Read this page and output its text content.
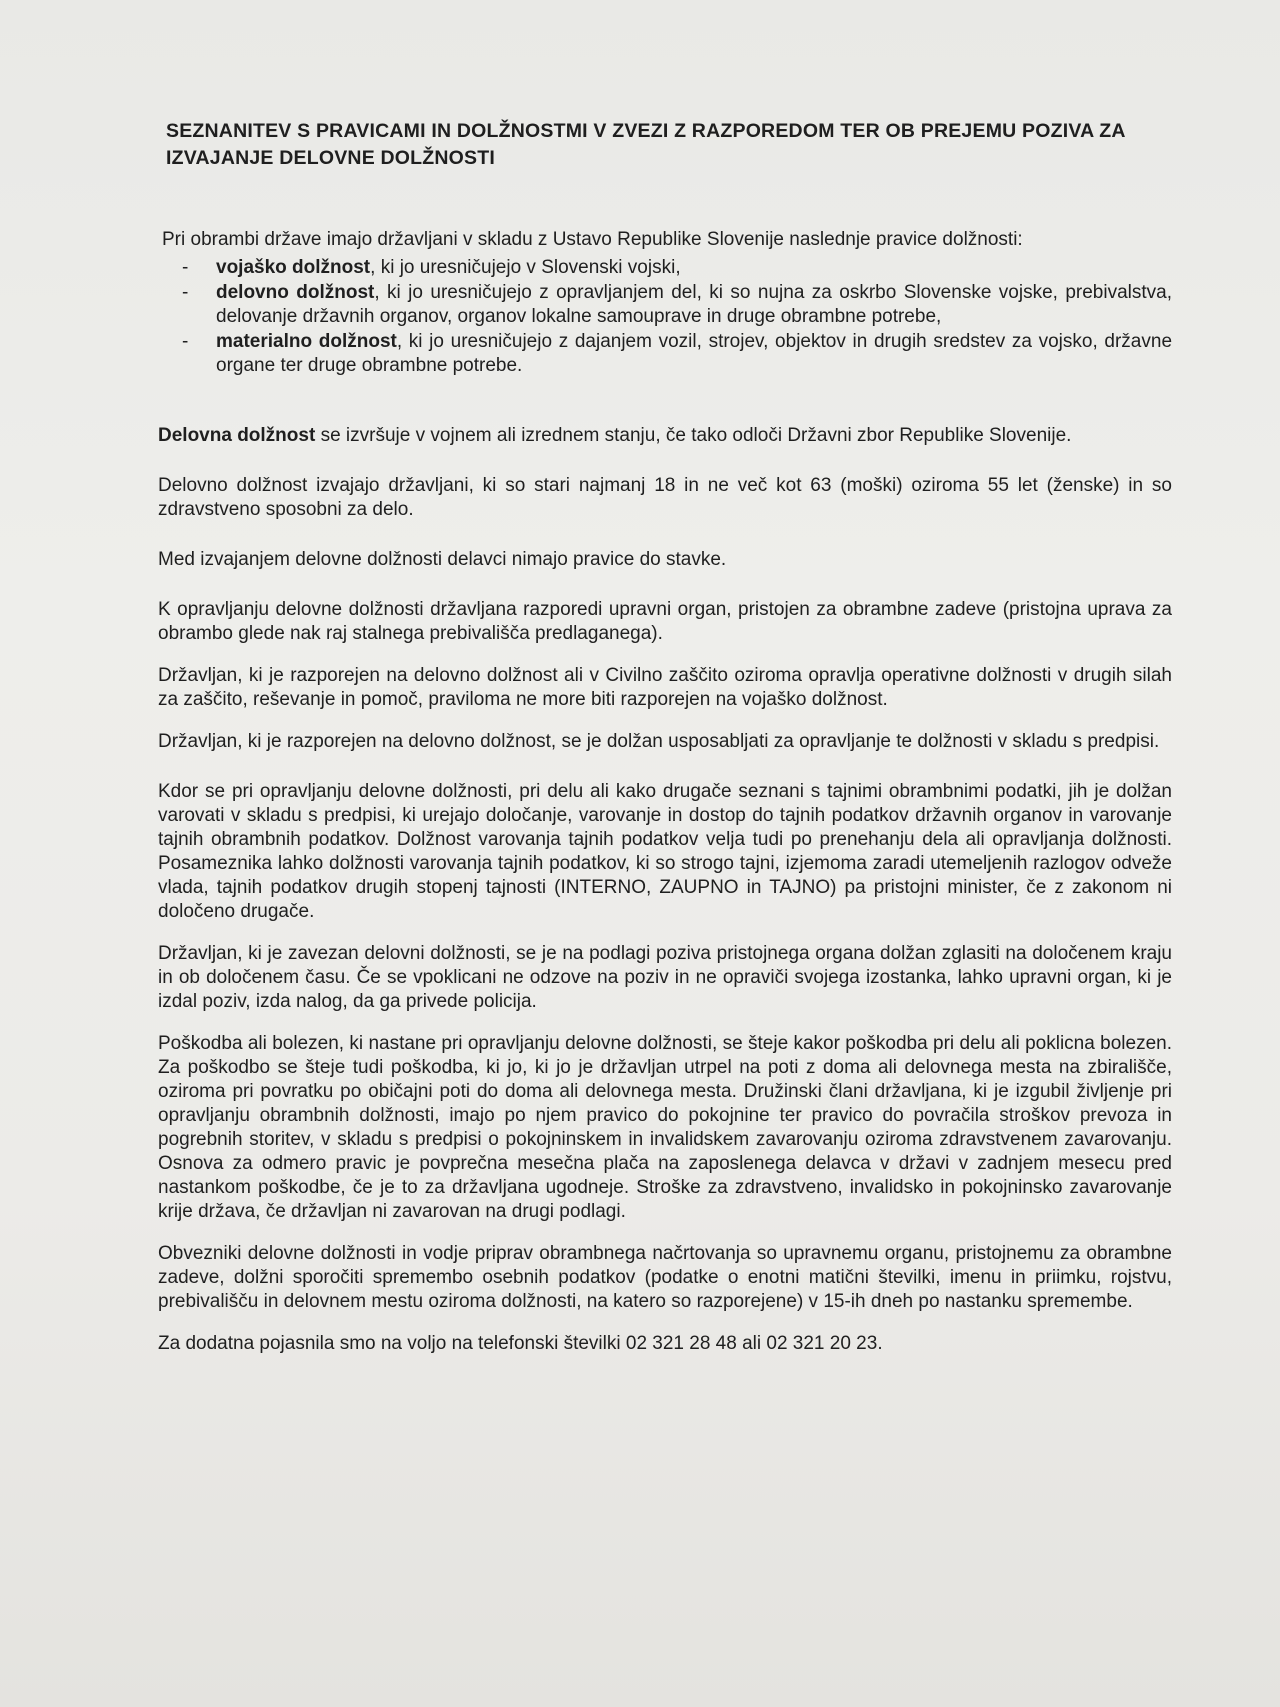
SEZNANITEV S PRAVICAMI IN DOLŽNOSTMI V ZVEZI Z RAZPOREDOM TER OB PREJEMU POZIVA ZA IZVAJANJE DELOVNE DOLŽNOSTI

Pri obrambi države imajo državljani v skladu z Ustavo Republike Slovenije naslednje pravice dolžnosti:

- vojaško dolžnost, ki jo uresničujejo v Slovenski vojski,
- delovno dolžnost, ki jo uresničujejo z opravljanjem del, ki so nujna za oskrbo Slovenske vojske, prebivalstva, delovanje državnih organov, organov lokalne samouprave in druge obrambne potrebe,
- materialno dolžnost, ki jo uresničujejo z dajanjem vozil, strojev, objektov in drugih sredstev za vojsko, državne organe ter druge obrambne potrebe.

Delovna dolžnost se izvršuje v vojnem ali izrednem stanju, če tako odloči Državni zbor Republike Slovenije.

Delovno dolžnost izvajajo državljani, ki so stari najmanj 18 in ne več kot 63 (moški) oziroma 55 let (ženske) in so zdravstveno sposobni za delo.

Med izvajanjem delovne dolžnosti delavci nimajo pravice do stavke.

K opravljanju delovne dolžnosti državljana razporedi upravni organ, pristojen za obrambne zadeve (pristojna uprava za obrambo glede nak raj stalnega prebivališča predlaganega).

Državljan, ki je razporejen na delovno dolžnost ali v Civilno zaščito oziroma opravlja operativne dolžnosti v drugih silah za zaščito, reševanje in pomoč, praviloma ne more biti razporejen na vojaško dolžnost.

Državljan, ki je razporejen na delovno dolžnost, se je dolžan usposabljati za opravljanje te dolžnosti v skladu s predpisi.

Kdor se pri opravljanju delovne dolžnosti, pri delu ali kako drugače seznani s tajnimi obrambnimi podatki, jih je dolžan varovati v skladu s predpisi, ki urejajo določanje, varovanje in dostop do tajnih podatkov državnih organov in varovanje tajnih obrambnih podatkov. Dolžnost varovanja tajnih podatkov velja tudi po prenehanju dela ali opravljanja dolžnosti. Posameznika lahko dolžnosti varovanja tajnih podatkov, ki so strogo tajni, izjemoma zaradi utemeljenih razlogov odveže vlada, tajnih podatkov drugih stopenj tajnosti (INTERNO, ZAUPNO in TAJNO) pa pristojni minister, če z zakonom ni določeno drugače.

Državljan, ki je zavezan delovni dolžnosti, se je na podlagi poziva pristojnega organa dolžan zglasiti na določenem kraju in ob določenem času. Če se vpoklicani ne odzove na poziv in ne opraviči svojega izostanka, lahko upravni organ, ki je izdal poziv, izda nalog, da ga privede policija.

Poškodba ali bolezen, ki nastane pri opravljanju delovne dolžnosti, se šteje kakor poškodba pri delu ali poklicna bolezen. Za poškodbo se šteje tudi poškodba, ki jo, ki jo je državljan utrpel na poti z doma ali delovnega mesta na zbirališče, oziroma pri povratku po običajni poti do doma ali delovnega mesta. Družinski člani državljana, ki je izgubil življenje pri opravljanju obrambnih dolžnosti, imajo po njem pravico do pokojnine ter pravico do povračila stroškov prevoza in pogrebnih storitev, v skladu s predpisi o pokojninskem in invalidskem zavarovanju oziroma zdravstvenem zavarovanju. Osnova za odmero pravic je povprečna mesečna plača na zaposlenega delavca v državi v zadnjem mesecu pred nastankom poškodbe, če je to za državljana ugodneje. Stroške za zdravstveno, invalidsko in pokojninsko zavarovanje krije država, če državljan ni zavarovan na drugi podlagi.

Obvezniki delovne dolžnosti in vodje priprav obrambnega načrtovanja so upravnemu organu, pristojnemu za obrambne zadeve, dolžni sporočiti spremembo osebnih podatkov (podatke o enotni matični številki, imenu in priimku, rojstvu, prebivališču in delovnem mestu oziroma dolžnosti, na katero so razporejene) v 15-ih dneh po nastanku spremembe.

Za dodatna pojasnila smo na voljo na telefonski številki 02 321 28 48 ali 02 321 20 23.
